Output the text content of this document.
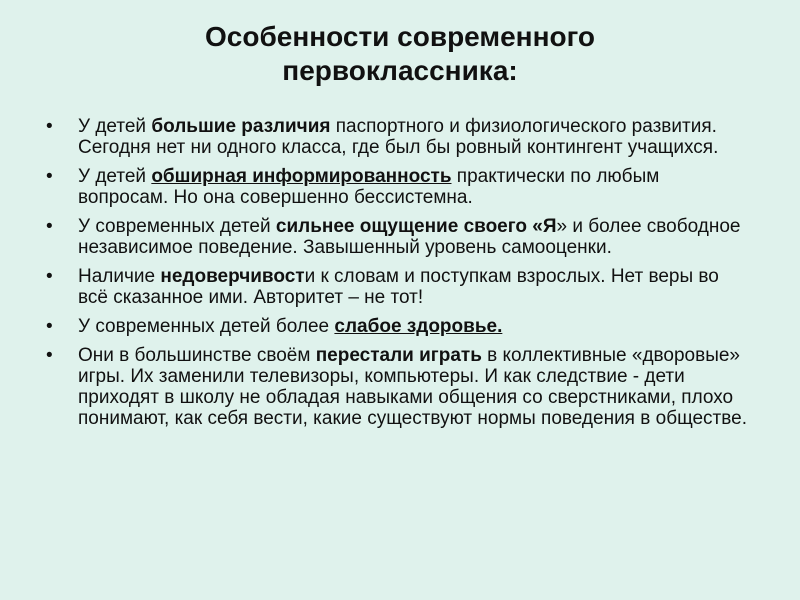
Особенности современного
первоклассника:
•	У детей большие различия паспортного и физиологического развития. Сегодня нет ни одного класса, где был бы ровный контингент учащихся.
•	У детей обширная информированность практически по любым вопросам. Но она совершенно бессистемна.
•	У современных детей сильнее ощущение своего «Я» и более свободное независимое поведение. Завышенный уровень самооценки.
•	Наличие недоверчивости к словам и поступкам взрослых. Нет веры во всё сказанное ими. Авторитет – не тот!
•	У современных детей более слабое здоровье.
•	Они в большинстве своём перестали играть в коллективные «дворовые» игры. Их заменили телевизоры, компьютеры. И как следствие - дети приходят в школу не обладая навыками общения со сверстниками, плохо понимают, как себя вести, какие существуют нормы поведения в обществе.
